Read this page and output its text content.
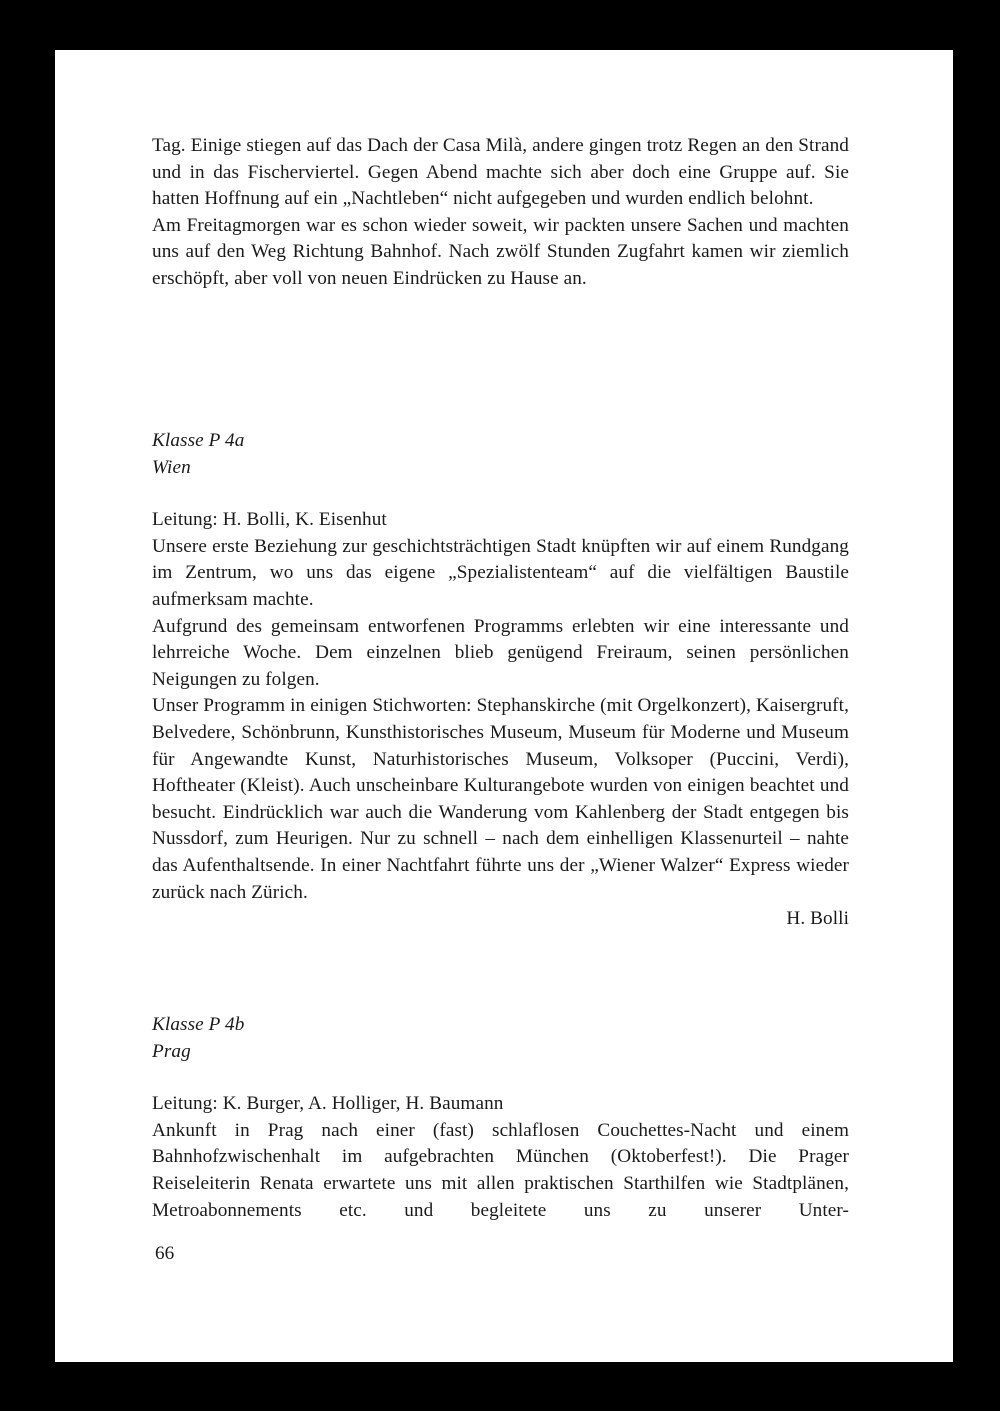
Tag. Einige stiegen auf das Dach der Casa Milà, andere gingen trotz Regen an den Strand und in das Fischerviertel. Gegen Abend machte sich aber doch eine Gruppe auf. Sie hatten Hoffnung auf ein „Nachtleben“ nicht aufgegeben und wurden endlich belohnt.

Am Freitagmorgen war es schon wieder soweit, wir packten unsere Sachen und machten uns auf den Weg Richtung Bahnhof. Nach zwölf Stunden Zugfahrt kamen wir ziemlich erschöpft, aber voll von neuen Eindrücken zu Hause an.

Klasse P 4a

Wien

Leitung: H. Bolli, K. Eisenhut

Unsere erste Beziehung zur geschichtsträchtigen Stadt knüpften wir auf einem Rundgang im Zentrum, wo uns das eigene „Spezialistenteam“ auf die vielfältigen Baustile aufmerksam machte.

Aufgrund des gemeinsam entworfenen Programms erlebten wir eine interessante und lehrreiche Woche. Dem einzelnen blieb genügend Freiraum, seinen persönlichen Neigungen zu folgen.

Unser Programm in einigen Stichworten: Stephanskirche (mit Orgelkonzert), Kaisergruft, Belvedere, Schönbrunn, Kunsthistorisches Museum, Museum für Moderne und Museum für Angewandte Kunst, Naturhistorisches Museum, Volksoper (Puccini, Verdi), Hoftheater (Kleist). Auch unscheinbare Kulturangebote wurden von einigen beachtet und besucht. Eindrücklich war auch die Wanderung vom Kahlenberg der Stadt entgegen bis Nussdorf, zum Heurigen. Nur zu schnell – nach dem einhelligen Klassenurteil – nahte das Aufenthaltsende. In einer Nachtfahrt führte uns der „Wiener Walzer“ Express wieder zurück nach Zürich.

H. Bolli

Klasse P 4b

Prag

Leitung: K. Burger, A. Holliger, H. Baumann

Ankunft in Prag nach einer (fast) schlaflosen Couchettes-Nacht und einem Bahnhofzwischenhalt im aufgebrachten München (Oktoberfest!). Die Prager Reiseleiterin Renata erwartete uns mit allen praktischen Starthilfen wie Stadtplänen, Metroabonnements etc. und begleitete uns zu unserer Unter-

66
